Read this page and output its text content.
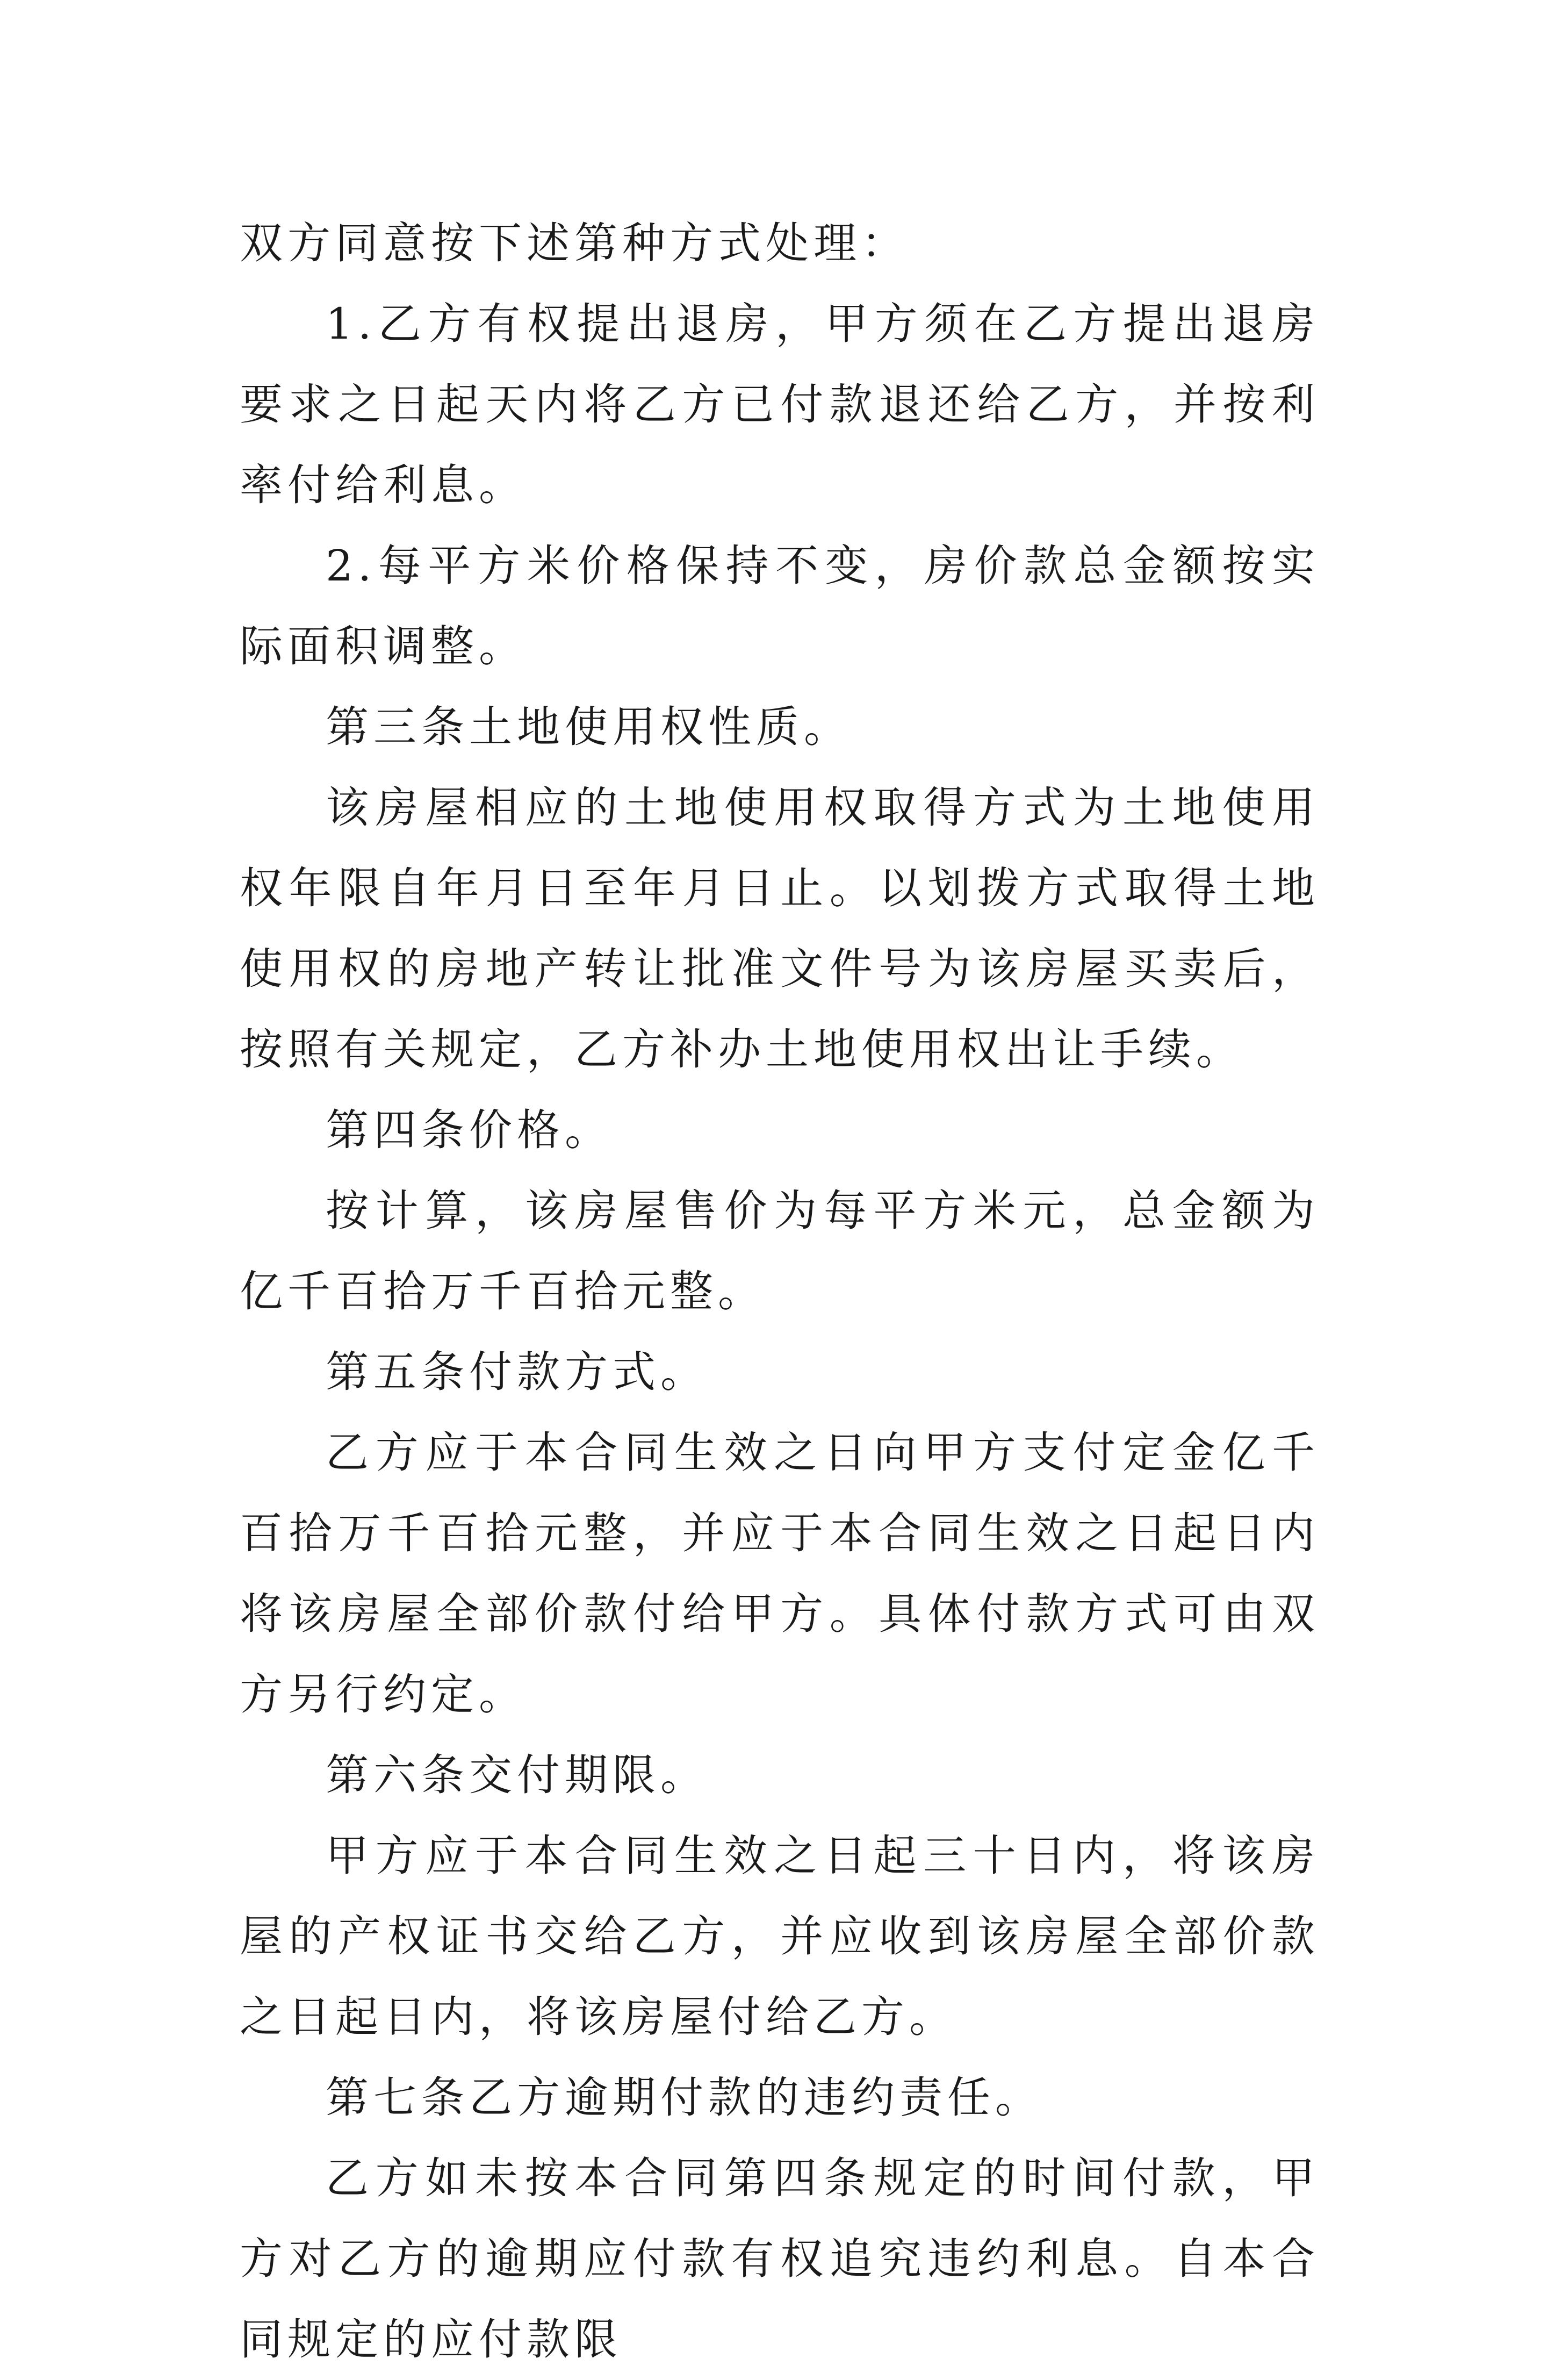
双方同意按下述第种方式处理：

1.乙方有权提出退房，甲方须在乙方提出退房要求之日起天内将乙方已付款退还给乙方，并按利率付给利息。

2.每平方米价格保持不变，房价款总金额按实际面积调整。

第三条土地使用权性质。

该房屋相应的土地使用权取得方式为土地使用权年限自年月日至年月日止。以划拨方式取得土地使用权的房地产转让批准文件号为该房屋买卖后，按照有关规定，乙方补办土地使用权出让手续。

第四条价格。

按计算，该房屋售价为每平方米元，总金额为亿千百拾万千百拾元整。

第五条付款方式。

乙方应于本合同生效之日向甲方支付定金亿千百拾万千百拾元整，并应于本合同生效之日起日内将该房屋全部价款付给甲方。具体付款方式可由双方另行约定。

第六条交付期限。

甲方应于本合同生效之日起三十日内，将该房屋的产权证书交给乙方，并应收到该房屋全部价款之日起日内，将该房屋付给乙方。

第七条乙方逾期付款的违约责任。

乙方如未按本合同第四条规定的时间付款，甲方对乙方的逾期应付款有权追究违约利息。自本合同规定的应付款限
